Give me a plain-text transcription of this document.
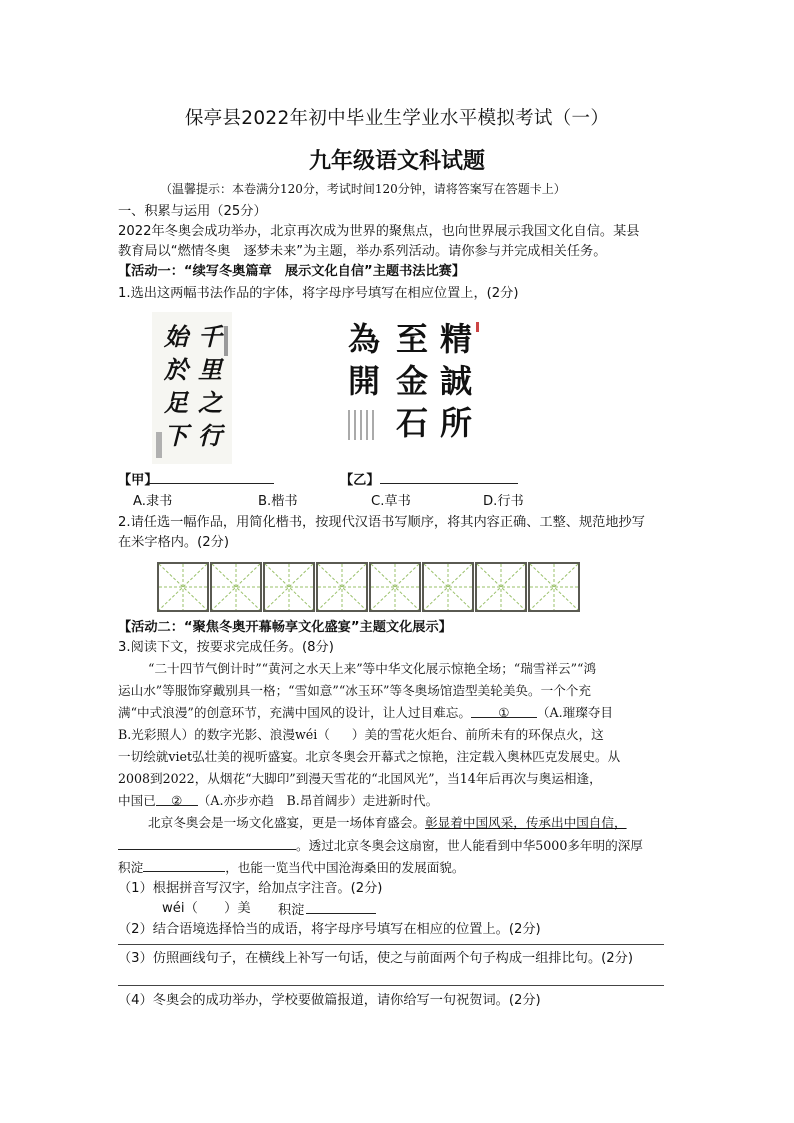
保亭县2022年初中毕业生学业水平模拟考试（一）
九年级语文科试题
（温馨提示：本卷满分120分，考试时间120分钟，请将答案写在答题卡上）
一、积累与运用（25分）
2022年冬奥会成功举办，北京再次成为世界的聚焦点，也向世界展示我国文化自信。某县
教育局以“燃情冬奥　逐梦未来”为主题，举办系列活动。请你参与并完成相关任务。
【活动一：“续写冬奥篇章　展示文化自信”主题书法比赛】
1.选出这两幅书法作品的字体，将字母序号填写在相应位置上，(2分)
千
里
之
行
始
於
足
下
精
誠
所
至
金
石
為
開
【甲】	【乙】
A.隶书	B.楷书	C.草书	D.行书
2.请任选一幅作品，用简化楷书，按现代汉语书写顺序，将其内容正确、工整、规范地抄写
在米字格内。(2分)
【活动二：“聚焦冬奥开幕畅享文化盛宴”主题文化展示】
3.阅读下文，按要求完成任务。(8分)
“二十四节气倒计时”“黄河之水天上来”等中华文化展示惊艳全场；“瑞雪祥云”“鸿
运山水”等服饰穿戴别具一格；“雪如意”“冰玉环”等冬奥场馆造型美轮美奂。一个个充
满“中式浪漫”的创意环节，充满中国风的设计，让人过目难忘。 ① （A.璀璨夺目
B.光彩照人）的数字光影、浪漫wéi（ ）美的雪花火炬台、前所未有的环保点火，这
一切绘就viet弘壮美的视听盛宴。北京冬奥会开幕式之惊艳，注定载入奥林匹克发展史。从
2008到2022，从烟花“大脚印”到漫天雪花的“北国风光”，当14年后再次与奥运相逢，
中国已 ② （A.亦步亦趋　B.昂首阔步）走进新时代。
北京冬奥会是一场文化盛宴，更是一场体育盛会。彰显着中国风采，传承出中国自信，
。透过北京冬奥会这扇窗，世人能看到中华5000多年明的深厚
积淀	，也能一览当代中国沧海桑田的发展面貌。
（1）根据拼音写汉字，给加点字注音。(2分)
wéi（　　）美 积淀
（2）结合语境选择恰当的成语，将字母序号填写在相应的位置上。(2分)
（3）仿照画线句子，在横线上补写一句话，使之与前面两个句子构成一组排比句。(2分)
（4）冬奥会的成功举办，学校要做篇报道，请你给写一句祝贺词。(2分)
